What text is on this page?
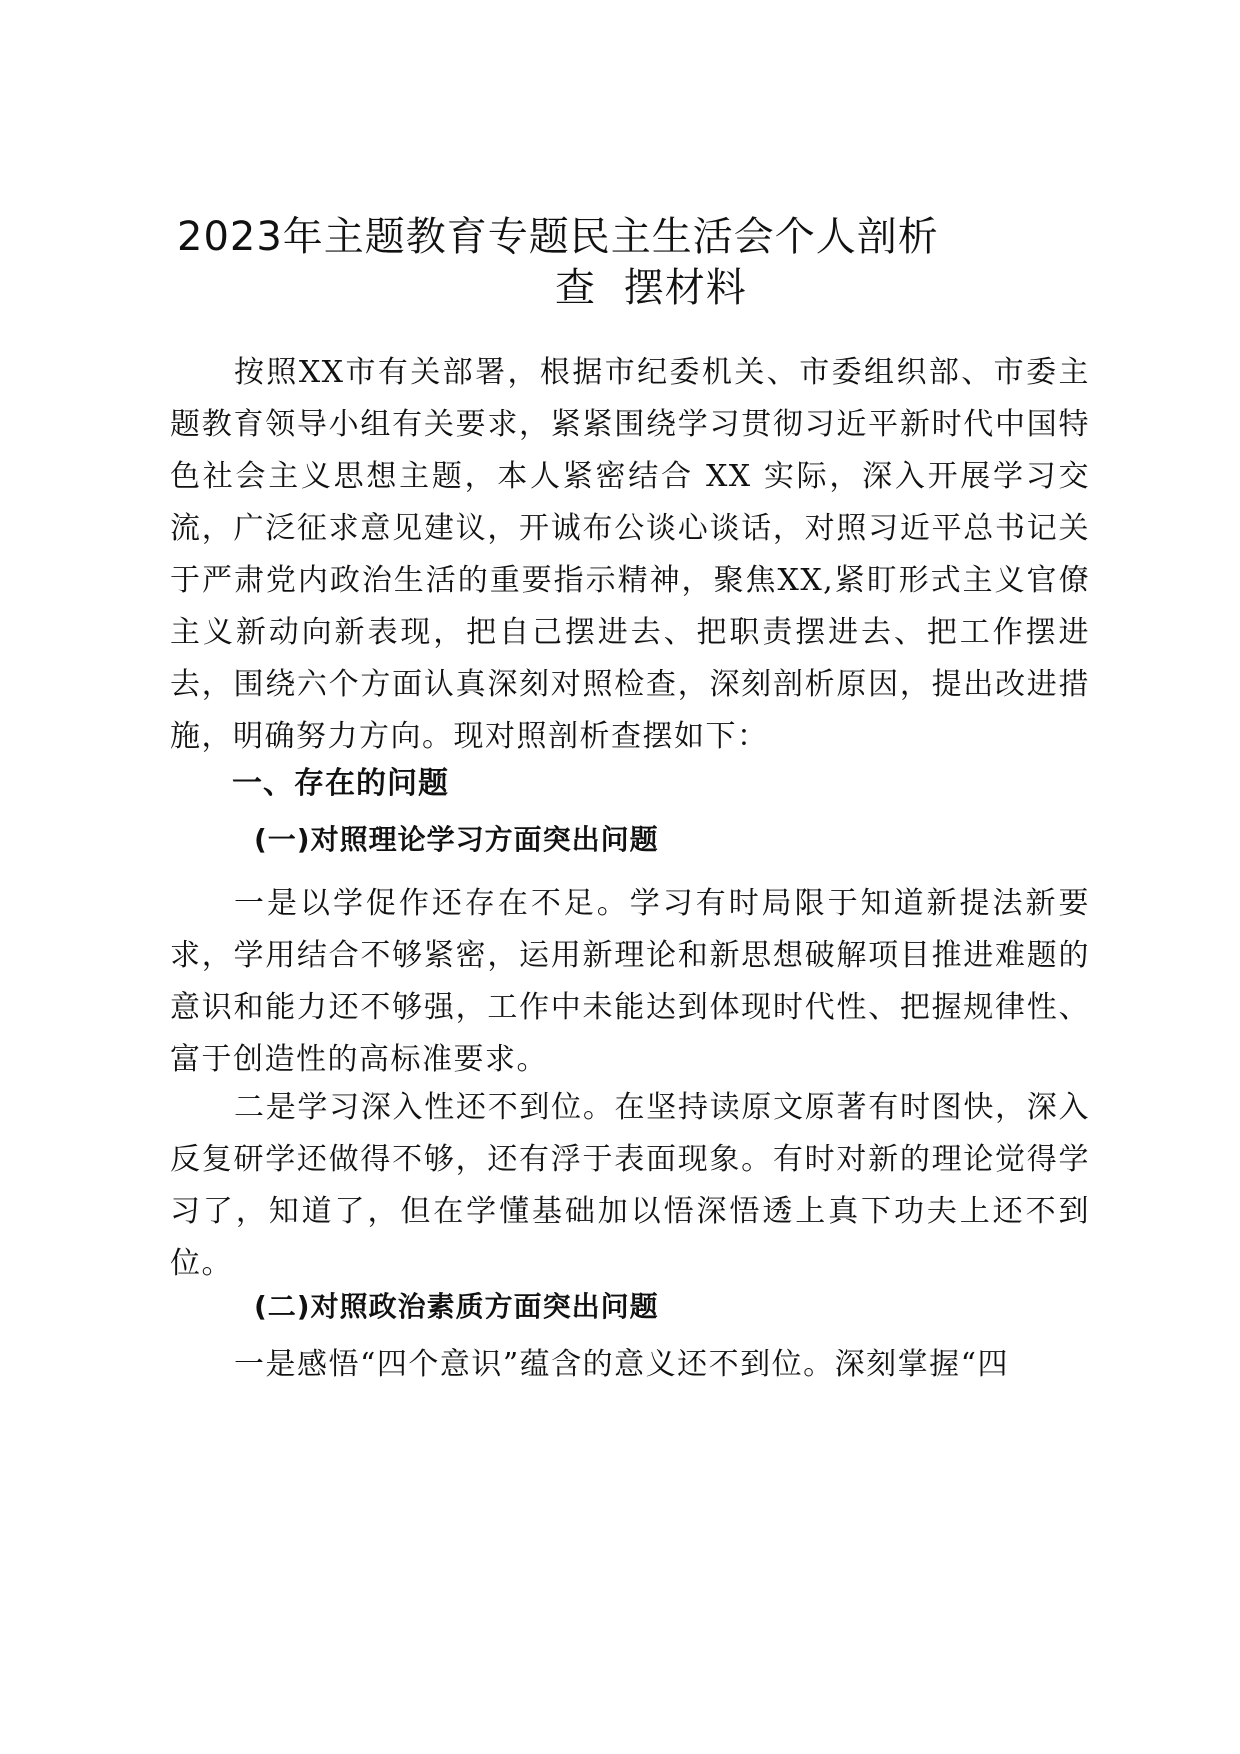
2023年主题教育专题民主生活会个人剖析
查 摆材料

按照XX市有关部署，根据市纪委机关、市委组织部、市委主题教育领导小组有关要求，紧紧围绕学习贯彻习近平新时代中国特色社会主义思想主题，本人紧密结合 XX 实际，深入开展学习交流，广泛征求意见建议，开诚布公谈心谈话，对照习近平总书记关于严肃党内政治生活的重要指示精神，聚焦XX,紧盯形式主义官僚主义新动向新表现，把自己摆进去、把职责摆进去、把工作摆进去，围绕六个方面认真深刻对照检查，深刻剖析原因，提出改进措施，明确努力方向。现对照剖析查摆如下：

一、存在的问题
(一)对照理论学习方面突出问题

一是以学促作还存在不足。学习有时局限于知道新提法新要求，学用结合不够紧密，运用新理论和新思想破解项目推进难题的意识和能力还不够强，工作中未能达到体现时代性、把握规律性、富于创造性的高标准要求。

二是学习深入性还不到位。在坚持读原文原著有时图快，深入反复研学还做得不够，还有浮于表面现象。有时对新的理论觉得学习了，知道了，但在学懂基础加以悟深悟透上真下功夫上还不到位。

(二)对照政治素质方面突出问题

一是感悟“四个意识”蕴含的意义还不到位。深刻掌握“四
